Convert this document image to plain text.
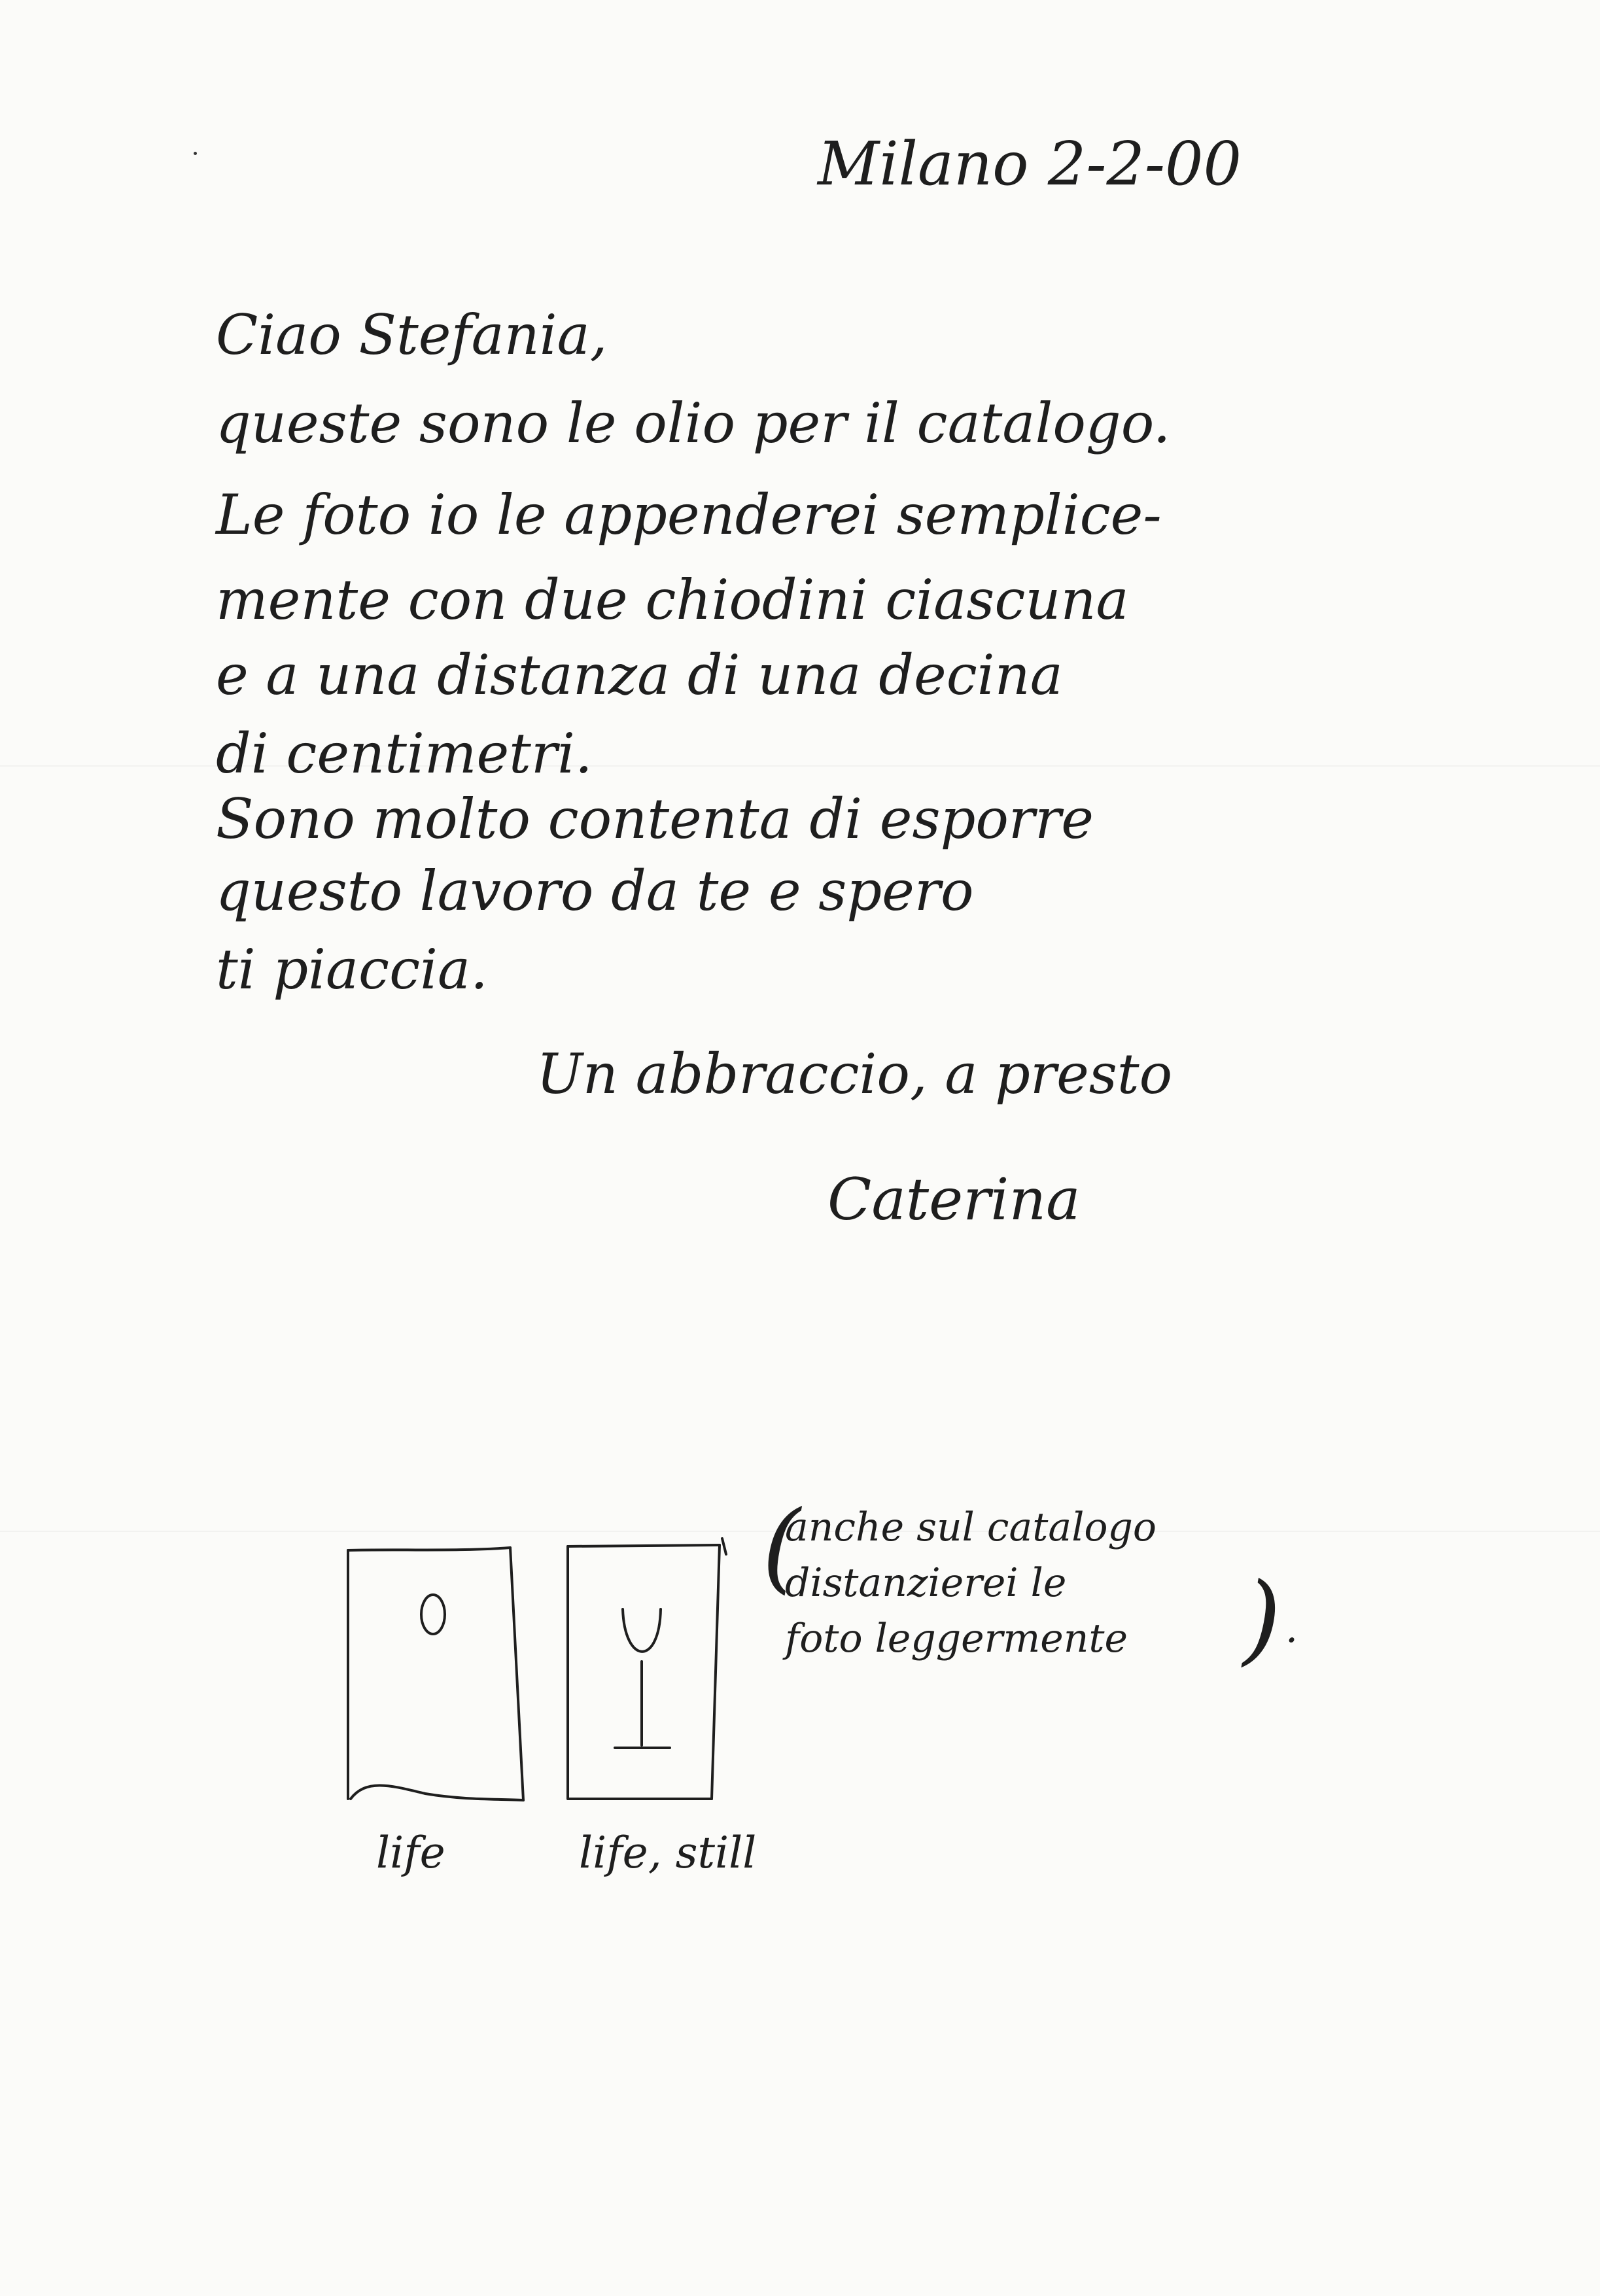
Milano 2-2-00
Ciao Stefania,
queste sono le olio per il catalogo.
Le foto io le appenderei semplice-
mente con due chiodini ciascuna
e a una distanza di una decina
di centimetri.
Sono molto contenta di esporre
questo lavoro da te e spero
ti piaccia.
Un abbraccio, a presto
Caterina
(
anche sul catalogo
distanzierei le
foto leggermente ) .
life	life, still
